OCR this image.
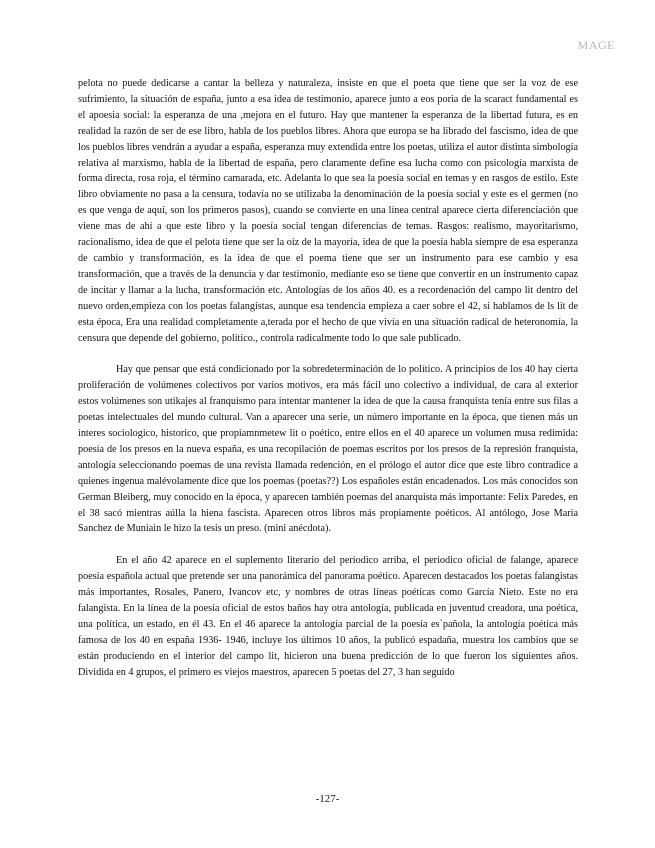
MAGE

pelota no puede dedicarse a cantar la belleza y naturaleza, insiste en que el poeta que tiene que ser la voz de ese sufrimiento, la situación de españa, junto a esa idea de testimonio, aparece junto a eos poria de la scaract fundamental es el apoesia social: la esperanza de una ,mejora en el futuro. Hay que mantener la esperanza de la libertad futura, es en realidad la razón de ser de ese libro, habla de los pueblos libres. Ahora que europa se ha librado del fascismo, idea de que los pueblos libres vendrán a ayudar a españa, esperanza muy extendida entre los poetas, utiliza el autor distinta simbología relativa al marxismo, habla de la libertad de españa, pero claramente define esa lucha como con psicología marxista de forma directa, rosa roja, el término camarada, etc. Adelanta lo que sea la poesía social en temas y en rasgos de estilo. Este libro obviamente no pasa a la censura, todavía no se utilizaba la denominación de la poesía social y este es el germen (no es que venga de aquí, son los primeros pasos), cuando se convierte en una línea central aparece cierta diferenciación que viene mas de ahí a que este libro y la poesía social tengan diferencias de temas. Rasgos: realismo, mayoritarismo, racionalismo, idea de que el pelota tiene que ser la oiz de la mayoría, idea de que la poesía habla siempre de esa esperanza de cambio y transformación, es la idea de que el poema tiene que ser un instrumento para ese cambio y esa transformación, que a través de la denuncia y dar testimonio, mediante eso se tiene que convertir en un instrumento capaz de incitar y llamar a la lucha, transformación etc. Antologías de los años 40. es a recordenación del campo lit dentro del nuevo orden,empieza con los poetas falangistas, aunque esa tendencia empieza a caer sobre el 42, si hablamos de ls lit de esta época, Era una realidad completamente a,terada por el hecho de que vivía en una situación radical de heteronomía, la censura que depende del gobierno, político., controla radicalmente todo lo que sale publicado.

Hay que pensar que está condicionado por la sobredeterminación de lo político. A principios de los 40 hay cierta proliferación de volúmenes colectivos por varios motivos, era más fácil uno colectivo a individual, de cara al exterior estos volúmenes son utikajes al franquismo para intentar mantener la idea de que la causa franquista tenía entre sus filas a poetas intelectuales del mundo cultural. Van a aparecer una serie, un número importante en la época, que tienen más un interes sociologico, historico, que propiamnmetew lit o poético, entre ellos en el 40 aparece un volumen musa redimida: poesía de los presos en la nueva españa, es una recopilación de poemas escritos por los presos de la represión franquista, antología seleccionando poemas de una revista llamada redención, en el prólogo el autor dice que este libro contradice a quienes ingenua malévolamente dice que los poemas (poetas??) Los españoles están encadenados. Los más conocidos son German Bleiberg, muy conocido en la época, y aparecen también poemas del anarquista más importante: Felix Paredes, en el 38 sacó mientras aúlla la hiena fascista. Aparecen otros libros más propiamente poéticos. Al antólogo, Jose Maria Sanchez de Muniain le hizo la tesis un preso. (mini anécdota).

En el año 42 aparece en el suplemento literario del periodico arriba, el periodico oficial de falange, aparece poesía española actual que pretende ser una panorámica del panorama poético. Aparecen destacados los poetas falangistas más importantes, Rosales, Panero, Ivancov etc, y nombres de otras líneas poéticas como García Nieto. Este no era falangista. En la línea de la poesía oficial de estos baños hay otra antología, publicada en juventud creadora, una poética, una política, un estado, en él 43. En el 46 aparece la antología parcial de la poesía es`pañola, la antología poética más famosa de los 40 en españa 1936- 1946, incluye los últimos 10 años, la publicó espadaña, muestra los cambios que se están produciendo en el interior del campo lit, hicieron una buena predicción de lo que fueron los siguientes años. Dividida en 4 grupos, el primero es viejos maestros, aparecen 5 poetas del 27, 3 han seguido

-127-
